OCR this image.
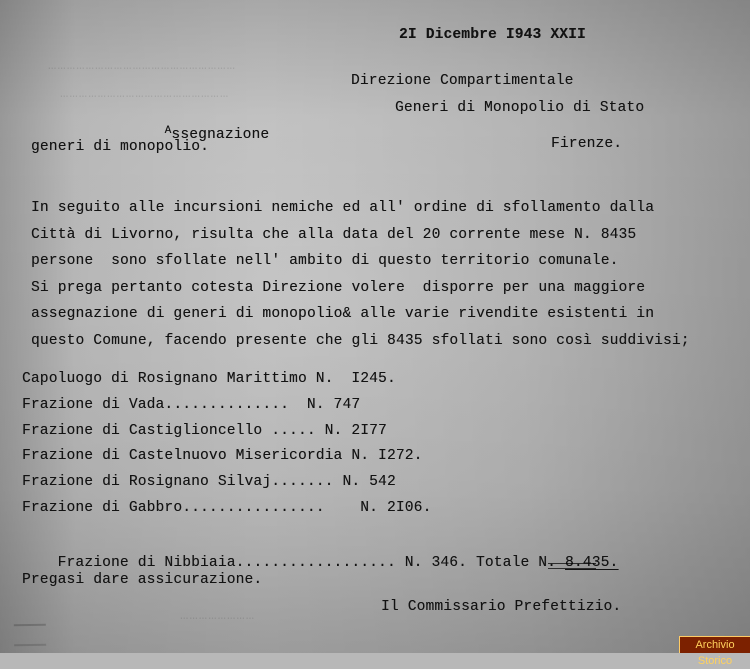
……………………………………………………
………………………………………………
……………………
2I Dicembre I943 XXII
Direzione Compartimentale
Generi di Monopolio di Stato
Firenze.

$^A$ssegnazione

generi di monopolio.
In seguito alle incursioni nemiche ed all' ordine di sfollamento dalla
Città di Livorno, risulta che alla data del 20 corrente mese N. 8435
persone  sono sfollate nell' ambito di questo territorio comunale.
Si prega pertanto cotesta Direzione volere  disporre per una maggiore
assegnazione di generi di monopolio& alle varie rivendite esistenti in
questo Comune, facendo presente che gli 8435 sfollati sono così suddivisi;
Capoluogo di Rosignano Marittimo N.  I245.
Frazione di Vada..............  N. 747
Frazione di Castiglioncello ..... N. 2I77
Frazione di Castelnuovo Misericordia N. I272.
Frazione di Rosignano Silvaj....... N. 542
Frazione di Gabbro................    N. 2I06.

Frazione di Nibbiaia.................. N. 346. Totale N. 8.435.

Pregasi dare assicurazione.
Il Commissario Prefettizio.
Archivio Storico
